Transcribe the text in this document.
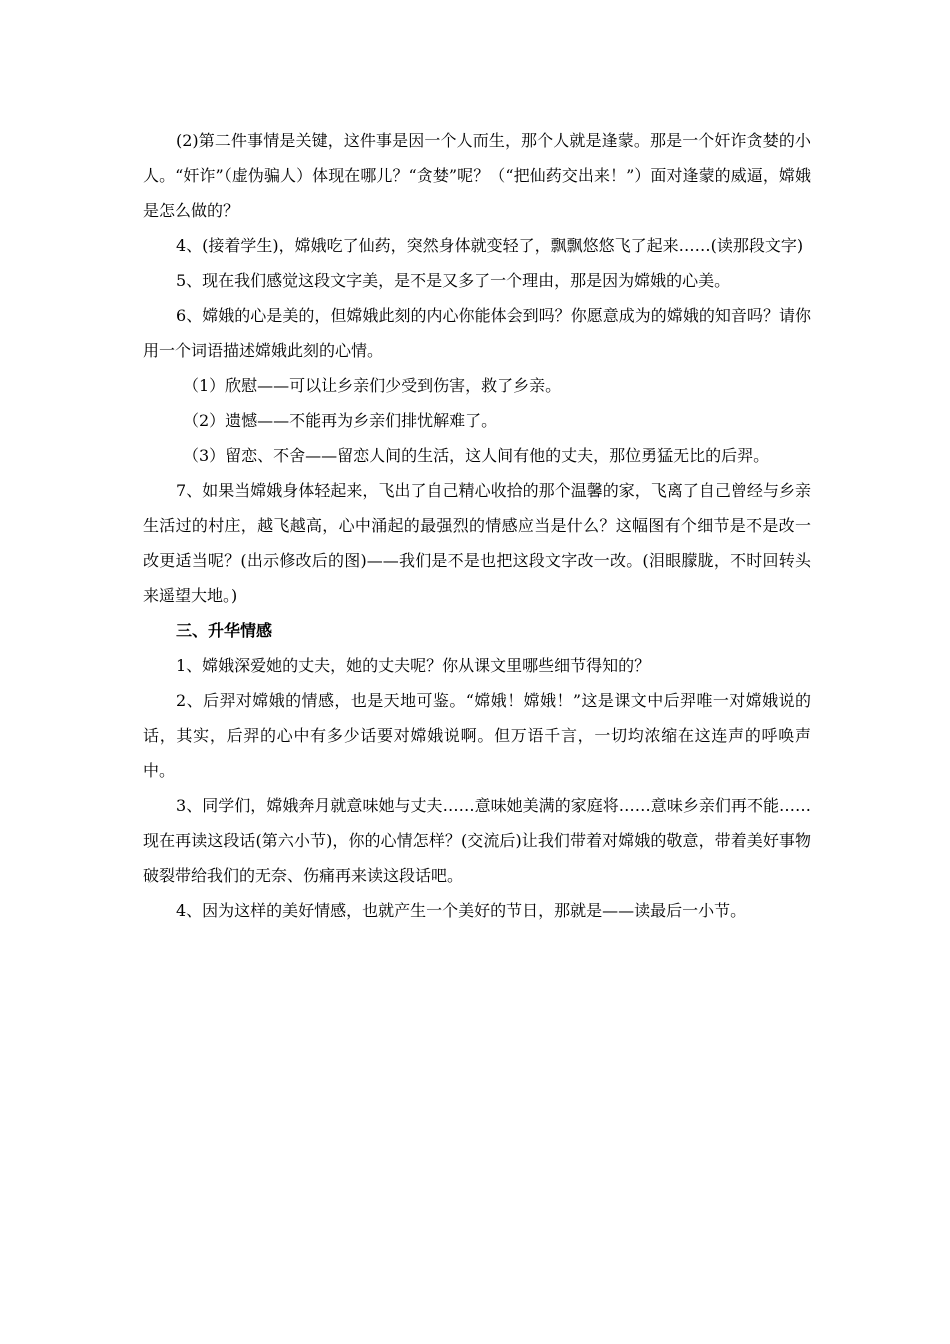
(2)第二件事情是关键，这件事是因一个人而生，那个人就是逢蒙。那是一个奸诈贪婪的小人。“奸诈”（虚伪骗人）体现在哪儿？“贪婪”呢？（“把仙药交出来！”）面对逢蒙的威逼，嫦娥是怎么做的？

4、(接着学生)，嫦娥吃了仙药，突然身体就变轻了，飘飘悠悠飞了起来……(读那段文字)

5、现在我们感觉这段文字美，是不是又多了一个理由，那是因为嫦娥的心美。

6、嫦娥的心是美的，但嫦娥此刻的内心你能体会到吗？你愿意成为的嫦娥的知音吗？请你用一个词语描述嫦娥此刻的心情。

（1）欣慰——可以让乡亲们少受到伤害，救了乡亲。

（2）遗憾——不能再为乡亲们排忧解难了。

（3）留恋、不舍——留恋人间的生活，这人间有他的丈夫，那位勇猛无比的后羿。

7、如果当嫦娥身体轻起来，飞出了自己精心收拾的那个温馨的家，飞离了自己曾经与乡亲生活过的村庄，越飞越高，心中涌起的最强烈的情感应当是什么？这幅图有个细节是不是改一改更适当呢？(出示修改后的图)——我们是不是也把这段文字改一改。(泪眼朦胧，不时回转头来遥望大地。)

三、升华情感

1、嫦娥深爱她的丈夫，她的丈夫呢？你从课文里哪些细节得知的？

2、后羿对嫦娥的情感，也是天地可鉴。“嫦娥！嫦娥！”这是课文中后羿唯一对嫦娥说的话，其实，后羿的心中有多少话要对嫦娥说啊。但万语千言，一切均浓缩在这连声的呼唤声中。

3、同学们，嫦娥奔月就意味她与丈夫……意味她美满的家庭将……意味乡亲们再不能……现在再读这段话(第六小节)，你的心情怎样？(交流后)让我们带着对嫦娥的敬意，带着美好事物破裂带给我们的无奈、伤痛再来读这段话吧。

4、因为这样的美好情感，也就产生一个美好的节日，那就是——读最后一小节。
